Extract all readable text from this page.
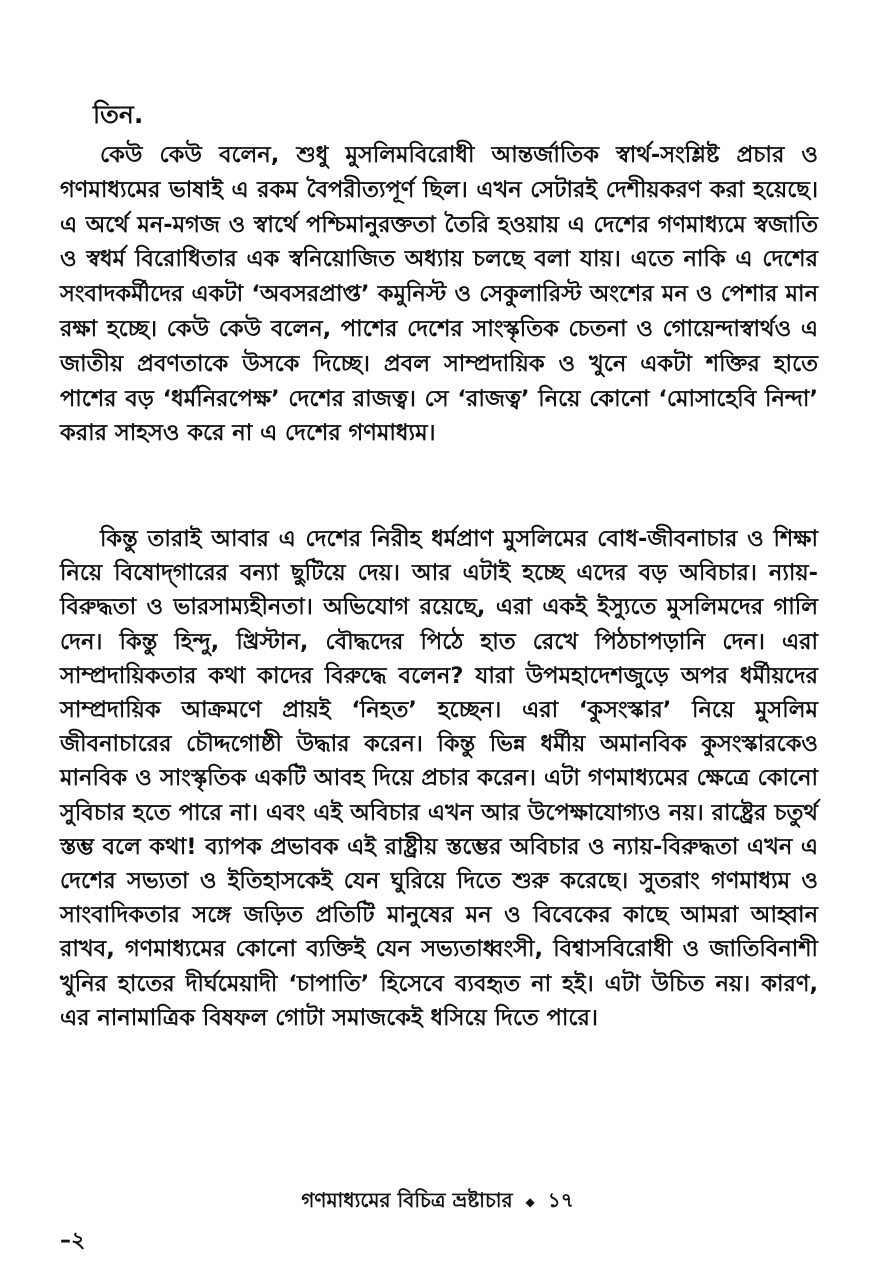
তিন.

কেউ কেউ বলেন, শুধু মুসলিমবিরোধী আন্তর্জাতিক স্বার্থ-সংশ্লিষ্ট প্রচার ও গণমাধ্যমের ভাষাই এ রকম বৈপরীত্যপূর্ণ ছিল। এখন সেটারই দেশীয়করণ করা হয়েছে। এ অর্থে মন-মগজ ও স্বার্থে পশ্চিমানুরক্ততা তৈরি হওয়ায় এ দেশের গণমাধ্যমে স্বজাতি ও স্বধর্ম বিরোধিতার এক স্বনিয়োজিত অধ্যায় চলছে বলা যায়। এতে নাকি এ দেশের সংবাদকর্মীদের একটা ‘অবসরপ্রাপ্ত’ কমুনিস্ট ও সেকুলারিস্ট অংশের মন ও পেশার মান রক্ষা হচ্ছে। কেউ কেউ বলেন, পাশের দেশের সাংস্কৃতিক চেতনা ও গোয়েন্দাস্বার্থও এ জাতীয় প্রবণতাকে উসকে দিচ্ছে। প্রবল সাম্প্রদায়িক ও খুনে একটা শক্তির হাতে পাশের বড় ‘ধর্মনিরপেক্ষ’ দেশের রাজত্ব। সে ‘রাজত্ব’ নিয়ে কোনো ‘মোসাহেবি নিন্দা’ করার সাহসও করে না এ দেশের গণমাধ্যম।

কিন্তু তারাই আবার এ দেশের নিরীহ ধর্মপ্রাণ মুসলিমের বোধ-জীবনাচার ও শিক্ষা নিয়ে বিষোদ্‌গারের বন্যা ছুটিয়ে দেয়। আর এটাই হচ্ছে এদের বড় অবিচার। ন্যায়-বিরুদ্ধতা ও ভারসাম্যহীনতা। অভিযোগ রয়েছে, এরা একই ইস্যুতে মুসলিমদের গালি দেন। কিন্তু হিন্দু, খ্রিস্টান, বৌদ্ধদের পিঠে হাত রেখে পিঠচাপড়ানি দেন। এরা সাম্প্রদায়িকতার কথা কাদের বিরুদ্ধে বলেন? যারা উপমহাদেশজুড়ে অপর ধর্মীয়দের সাম্প্রদায়িক আক্রমণে প্রায়ই ‘নিহত’ হচ্ছেন। এরা ‘কুসংস্কার’ নিয়ে মুসলিম জীবনাচারের চৌদ্দগোষ্ঠী উদ্ধার করেন। কিন্তু ভিন্ন ধর্মীয় অমানবিক কুসংস্কারকেও মানবিক ও সাংস্কৃতিক একটি আবহ দিয়ে প্রচার করেন। এটা গণমাধ্যমের ক্ষেত্রে কোনো সুবিচার হতে পারে না। এবং এই অবিচার এখন আর উপেক্ষাযোগ্যও নয়। রাষ্ট্রের চতুর্থ স্তম্ভ বলে কথা! ব্যাপক প্রভাবক এই রাষ্ট্রীয় স্তম্ভের অবিচার ও ন্যায়-বিরুদ্ধতা এখন এ দেশের সভ্যতা ও ইতিহাসকেই যেন ঘুরিয়ে দিতে শুরু করেছে। সুতরাং গণমাধ্যম ও সাংবাদিকতার সঙ্গে জড়িত প্রতিটি মানুষের মন ও বিবেকের কাছে আমরা আহ্বান রাখব, গণমাধ্যমের কোনো ব্যক্তিই যেন সভ্যতাধ্বংসী, বিশ্বাসবিরোধী ও জাতিবিনাশী খুনির হাতের দীর্ঘমেয়াদী ‘চাপাতি’ হিসেবে ব্যবহৃত না হই। এটা উচিত নয়। কারণ, এর নানামাত্রিক বিষফল গোটা সমাজকেই ধসিয়ে দিতে পারে।

গণমাধ্যমের বিচিত্র ভ্রষ্টাচার ◆ ১৭
–২
